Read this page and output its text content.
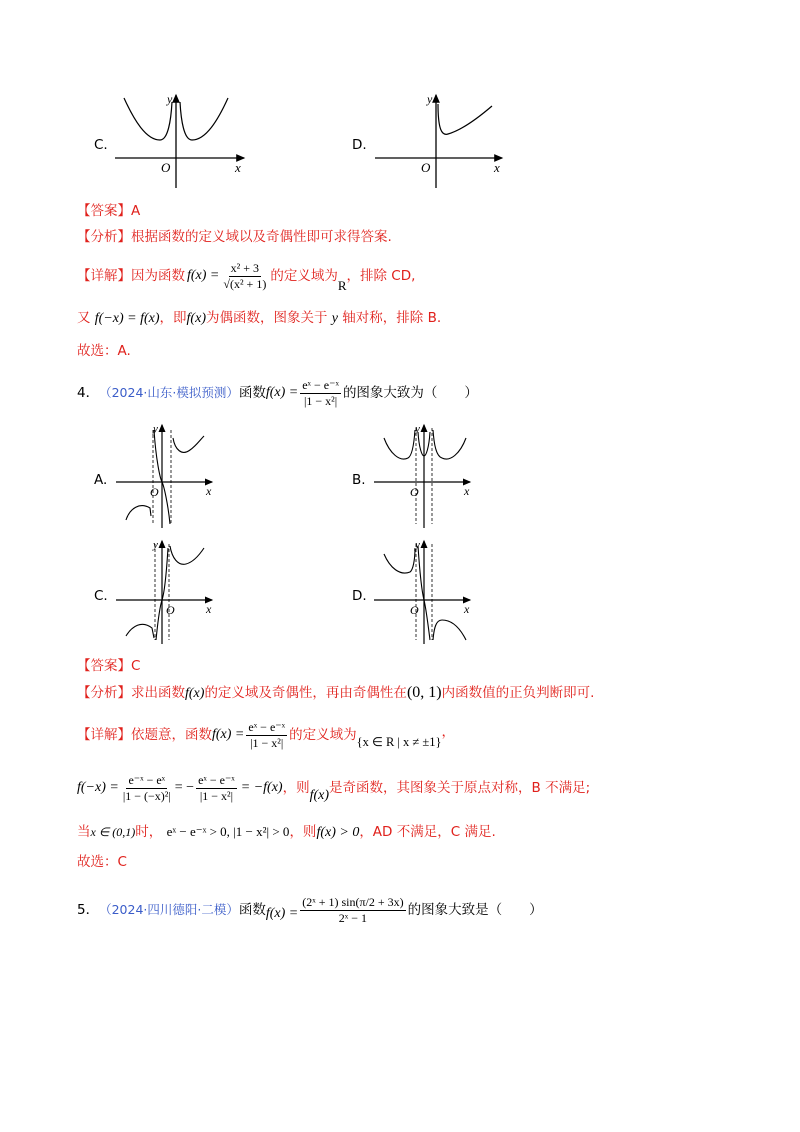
C.
y
x
O
D.
y
x
O
【答案】A
【分析】根据函数的定义域以及奇偶性即可求得答案.
【详解】 因为函数 $f(x) = \frac{\text{x² + 3}}{\text{√(x² + 1)}}$ 的定义域为
R
，排除 CD,
又 f(−x) = f(x)，即f(x)为偶函数，图象关于 y 轴对称，排除 B.
故选：A.
4． （2024·山东·模拟预测） 函数 $f(x) = \frac{\text{eˣ − e⁻ˣ}}{\text{|1 − x²|}}$ 的图象大致为（　　）
A.
y
x
O
B.
y
x
O
C.
y
x
O
D.
y
x
O
【答案】C
【分析】求出函数f(x)的定义域及奇偶性，再由奇偶性在(0, 1)内函数值的正负判断即可.
【详解】 依题意，函数 $f(x) = \frac{\text{eˣ − e⁻ˣ}}{\text{|1 − x²|}}$ 的定义域为 {x ∈ R | x ≠ ±1}
，
$f(-x) = \frac{\text{e⁻ˣ − eˣ}}{\text{|1 − (−x)²|}}$ = − $\frac{\text{eˣ − e⁻ˣ}}{\text{|1 − x²|}} = -f(x)$ ，则 f(x) 是奇函数，其图象关于原点对称，B 不满足;
当x ∈ (0,1)时， eˣ − e⁻ˣ > 0, |1 − x²| > 0，则f(x) > 0，AD 不满足，C 满足.
故选：C
5． （2024·四川德阳·二模） 函数 $f(x) = \frac{\text{(2ˣ + 1) sin(π/2 + 3x)}}{\text{2ˣ − 1}}$ 的图象大致是（　　）
